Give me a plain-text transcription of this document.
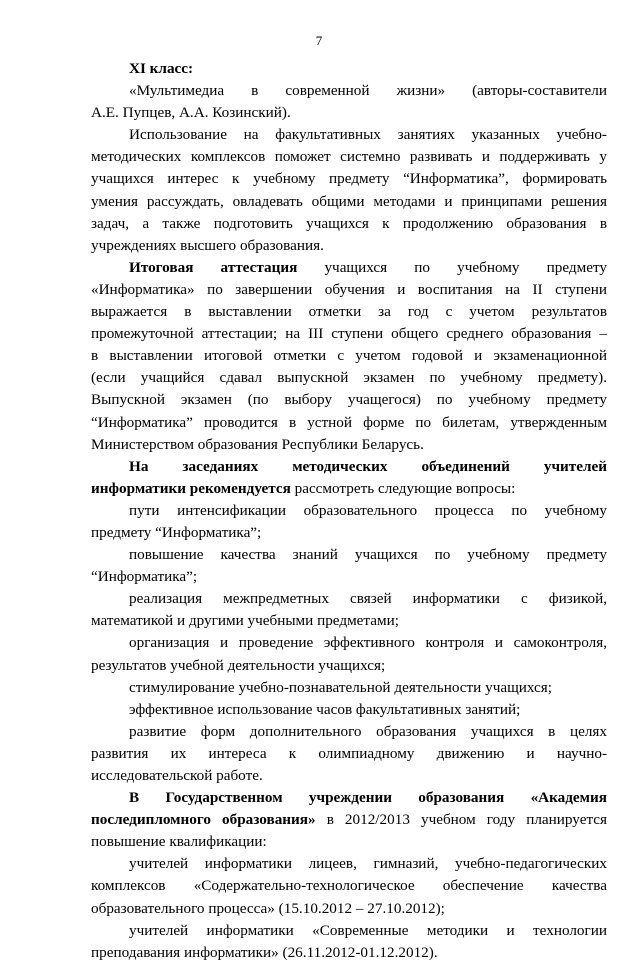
7
XI класс:
«Мультимедиа в современной жизни» (авторы-составители
А.Е. Пупцев, А.А. Козинский).
Использование на факультативных занятиях указанных учебно-
методических комплексов поможет системно развивать и поддерживать у
учащихся интерес к учебному предмету “Информатика”, формировать
умения рассуждать, овладевать общими методами и принципами решения
задач, а также подготовить учащихся к продолжению образования в
учреждениях высшего образования.
Итоговая аттестация учащихся по учебному предмету
«Информатика» по завершении обучения и воспитания на II ступени
выражается в выставлении отметки за год с учетом результатов
промежуточной аттестации; на III ступени общего среднего образования –
в выставлении итоговой отметки с учетом годовой и экзаменационной
(если учащийся сдавал выпускной экзамен по учебному предмету).
Выпускной экзамен (по выбору учащегося) по учебному предмету
“Информатика” проводится в устной форме по билетам, утвержденным
Министерством образования Республики Беларусь.
На заседаниях методических объединений учителей
информатики рекомендуется рассмотреть следующие вопросы:
пути интенсификации образовательного процесса по учебному
предмету “Информатика”;
повышение качества знаний учащихся по учебному предмету
“Информатика”;
реализация межпредметных связей информатики с физикой,
математикой и другими учебными предметами;
организация и проведение эффективного контроля и самоконтроля,
результатов учебной деятельности учащихся;
стимулирование учебно-познавательной деятельности учащихся;
эффективное использование часов факультативных занятий;
развитие форм дополнительного образования учащихся в целях
развития их интереса к олимпиадному движению и научно-
исследовательской работе.
В Государственном учреждении образования «Академия
последипломного образования» в 2012/2013 учебном году планируется
повышение квалификации:
учителей информатики лицеев, гимназий, учебно-педагогических
комплексов «Содержательно-технологическое обеспечение качества
образовательного процесса» (15.10.2012 – 27.10.2012);
учителей информатики «Современные методики и технологии
преподавания информатики» (26.11.2012-01.12.2012).
